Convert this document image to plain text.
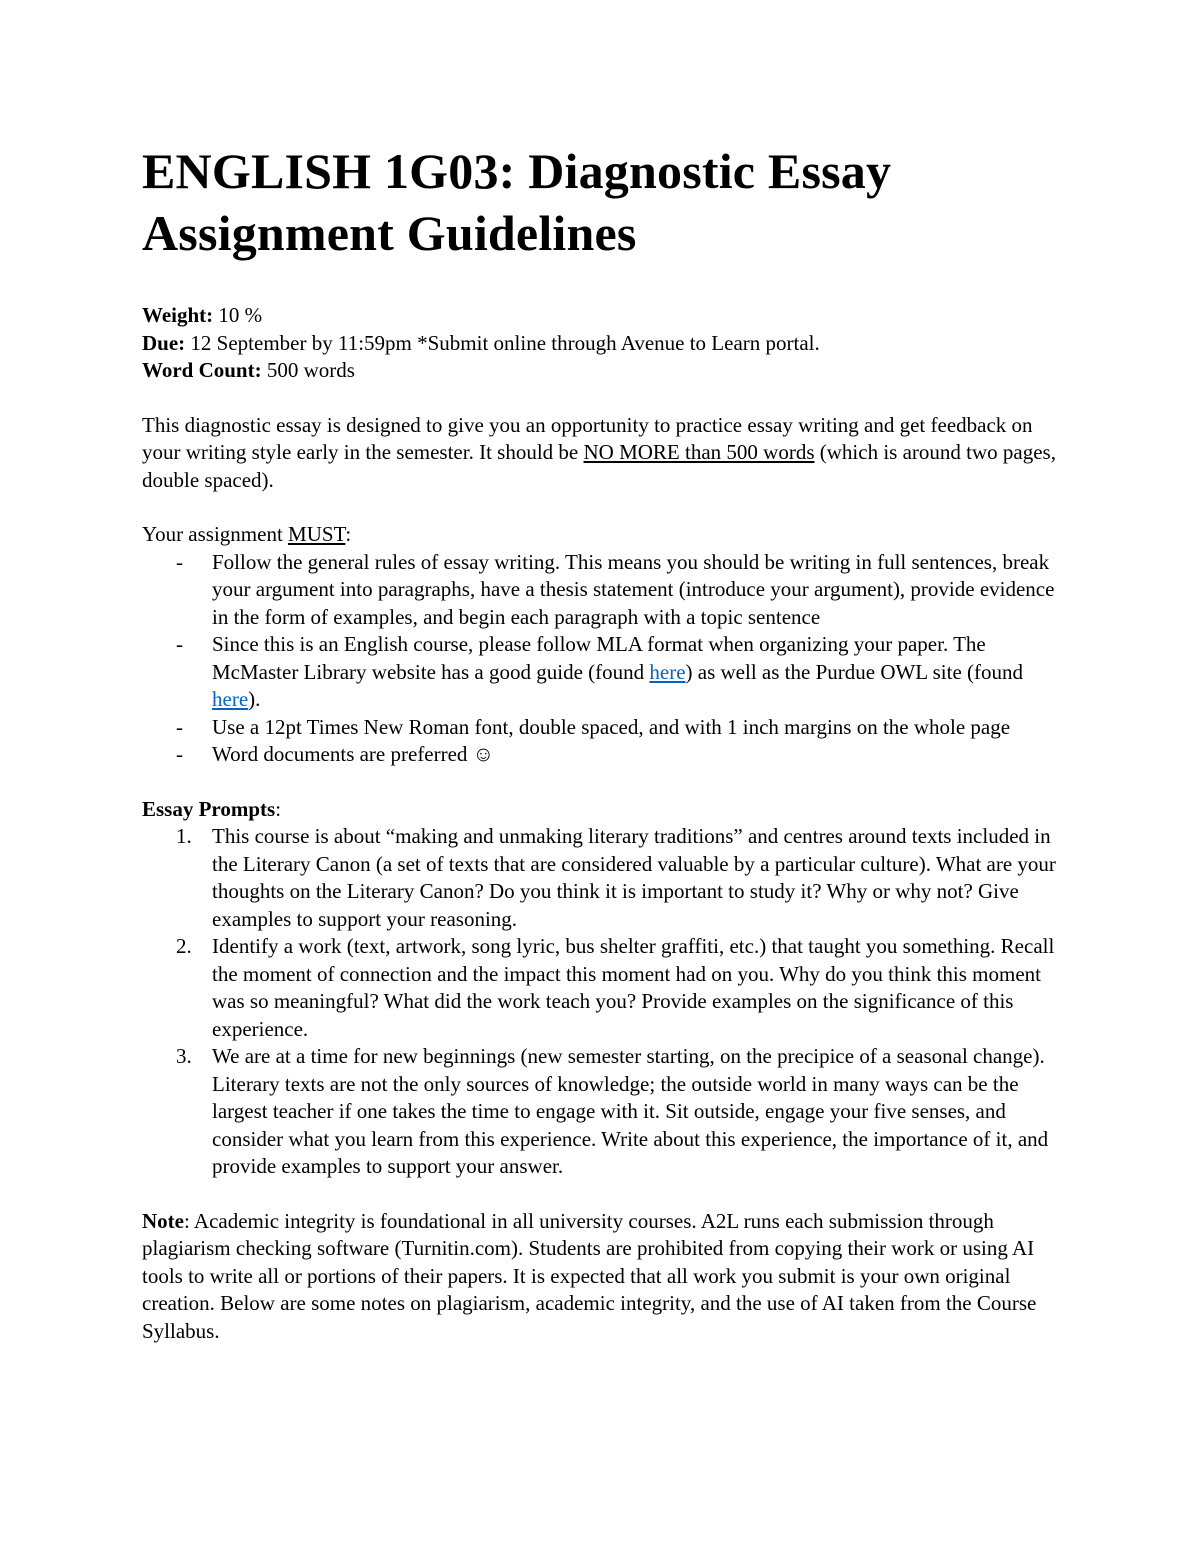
ENGLISH 1G03: Diagnostic Essay Assignment Guidelines

Weight: 10 %

Due: 12 September by 11:59pm *Submit online through Avenue to Learn portal.

Word Count: 500 words

This diagnostic essay is designed to give you an opportunity to practice essay writing and get feedback on your writing style early in the semester. It should be NO MORE than 500 words (which is around two pages, double spaced).

Your assignment MUST:

- Follow the general rules of essay writing. This means you should be writing in full sentences, break your argument into paragraphs, have a thesis statement (introduce your argument), provide evidence in the form of examples, and begin each paragraph with a topic sentence
- Since this is an English course, please follow MLA format when organizing your paper. The McMaster Library website has a good guide (found here) as well as the Purdue OWL site (found here).
- Use a 12pt Times New Roman font, double spaced, and with 1 inch margins on the whole page
- Word documents are preferred ☺

Essay Prompts:

1. This course is about “making and unmaking literary traditions” and centres around texts included in the Literary Canon (a set of texts that are considered valuable by a particular culture). What are your thoughts on the Literary Canon? Do you think it is important to study it? Why or why not? Give examples to support your reasoning.
2. Identify a work (text, artwork, song lyric, bus shelter graffiti, etc.) that taught you something. Recall the moment of connection and the impact this moment had on you. Why do you think this moment was so meaningful? What did the work teach you? Provide examples on the significance of this experience.
3. We are at a time for new beginnings (new semester starting, on the precipice of a seasonal change). Literary texts are not the only sources of knowledge; the outside world in many ways can be the largest teacher if one takes the time to engage with it. Sit outside, engage your five senses, and consider what you learn from this experience. Write about this experience, the importance of it, and provide examples to support your answer.

Note: Academic integrity is foundational in all university courses. A2L runs each submission through plagiarism checking software (Turnitin.com). Students are prohibited from copying their work or using AI tools to write all or portions of their papers. It is expected that all work you submit is your own original creation. Below are some notes on plagiarism, academic integrity, and the use of AI taken from the Course Syllabus.
